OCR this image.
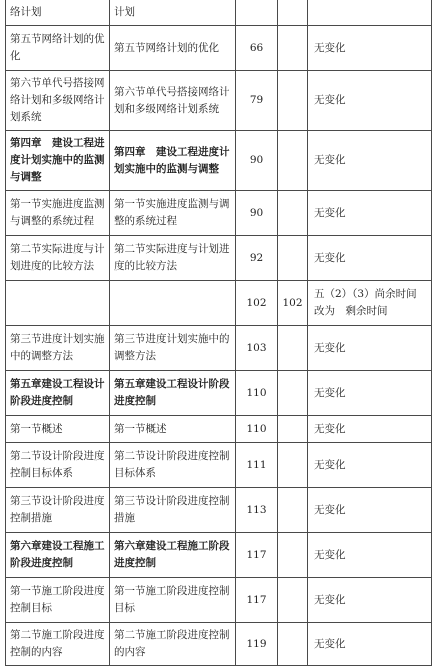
络计划	计划			
第五节网络计划的优化	第五节网络计划的优化	66		无变化
第六节单代号搭接网络计划和多级网络计划系统	第六节单代号搭接网络计划和多级网络计划系统	79		无变化
第四章　建设工程进度计划实施中的监测与调整	第四章　建设工程进度计划实施中的监测与调整	90		无变化
第一节实施进度监测与调整的系统过程	第一节实施进度监测与调整的系统过程	90		无变化
第二节实际进度与计划进度的比较方法	第二节实际进度与计划进度的比较方法	92		无变化
		102	102	五（2）（3）尚余时间改为　剩余时间
第三节进度计划实施中的调整方法	第三节进度计划实施中的调整方法	103		无变化
第五章建设工程设计阶段进度控制	第五章建设工程设计阶段进度控制	110		无变化
第一节概述	第一节概述	110		无变化
第二节设计阶段进度控制目标体系	第二节设计阶段进度控制目标体系	111		无变化
第三节设计阶段进度控制措施	第三节设计阶段进度控制措施	113		无变化
第六章建设工程施工阶段进度控制	第六章建设工程施工阶段进度控制	117		无变化
第一节施工阶段进度控制目标	第一节施工阶段进度控制目标	117		无变化
第二节施工阶段进度控制的内容	第二节施工阶段进度控制的内容	119		无变化
